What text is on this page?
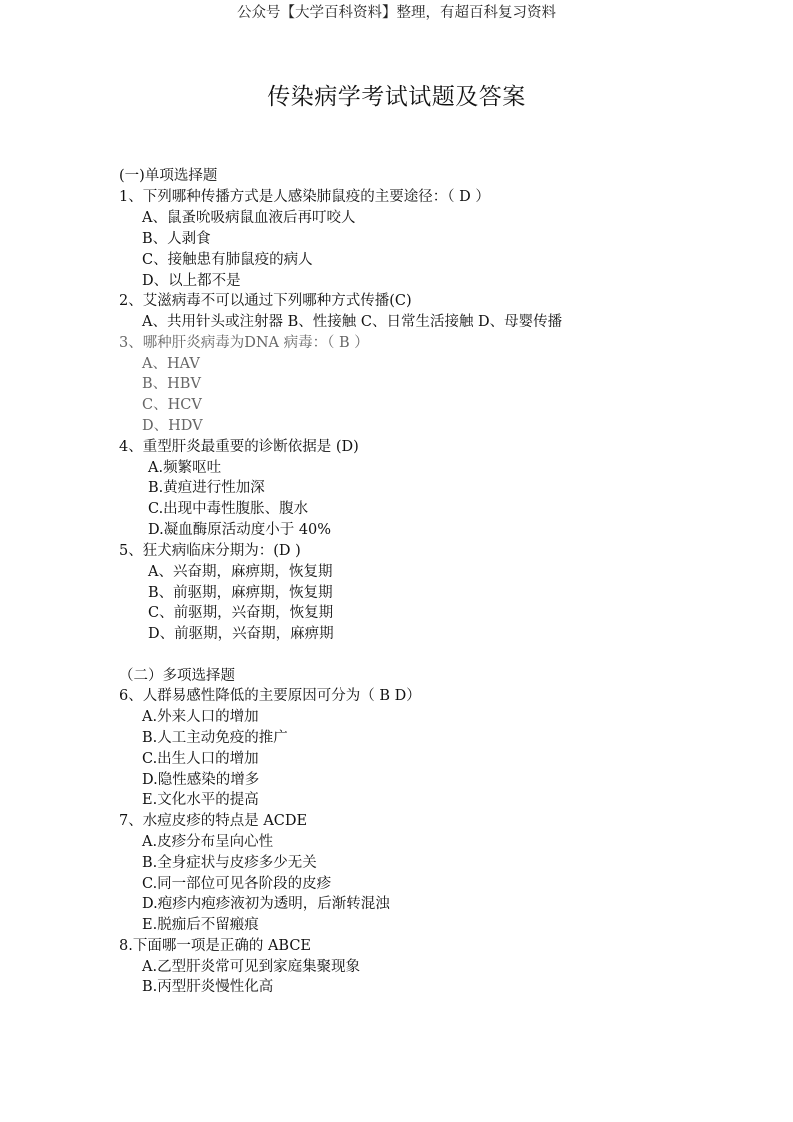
公众号【大学百科资料】整理，有超百科复习资料
传染病学考试试题及答案
(一)单项选择题
1、下列哪种传播方式是人感染肺鼠疫的主要途径：（ D ）
A、鼠蚤吮吸病鼠血液后再叮咬人
B、人剥食
C、接触患有肺鼠疫的病人
D、以上都不是
2、艾滋病毒不可以通过下列哪种方式传播(C)
A、共用针头或注射器 B、性接触 C、日常生活接触 D、母婴传播
3、哪种肝炎病毒为DNA 病毒：（ B ）
A、HAV
B、HBV
C、HCV
D、HDV
4、重型肝炎最重要的诊断依据是 (D)
A.频繁呕吐
B.黄疸进行性加深
C.出现中毒性腹胀、腹水
D.凝血酶原活动度小于 40%
5、狂犬病临床分期为：(D )
A、兴奋期，麻痹期，恢复期
B、前驱期，麻痹期，恢复期
C、前驱期，兴奋期，恢复期
D、前驱期，兴奋期，麻痹期
（二）多项选择题
6、人群易感性降低的主要原因可分为（ B D）
A.外来人口的增加
B.人工主动免疫的推广
C.出生人口的增加
D.隐性感染的增多
E.文化水平的提高
7、水痘皮疹的特点是 ACDE
A.皮疹分布呈向心性
B.全身症状与皮疹多少无关
C.同一部位可见各阶段的皮疹
D.疱疹内疱疹液初为透明，后渐转混浊
E.脱痂后不留瘢痕
8.下面哪一项是正确的 ABCE
A.乙型肝炎常可见到家庭集聚现象
B.丙型肝炎慢性化高
